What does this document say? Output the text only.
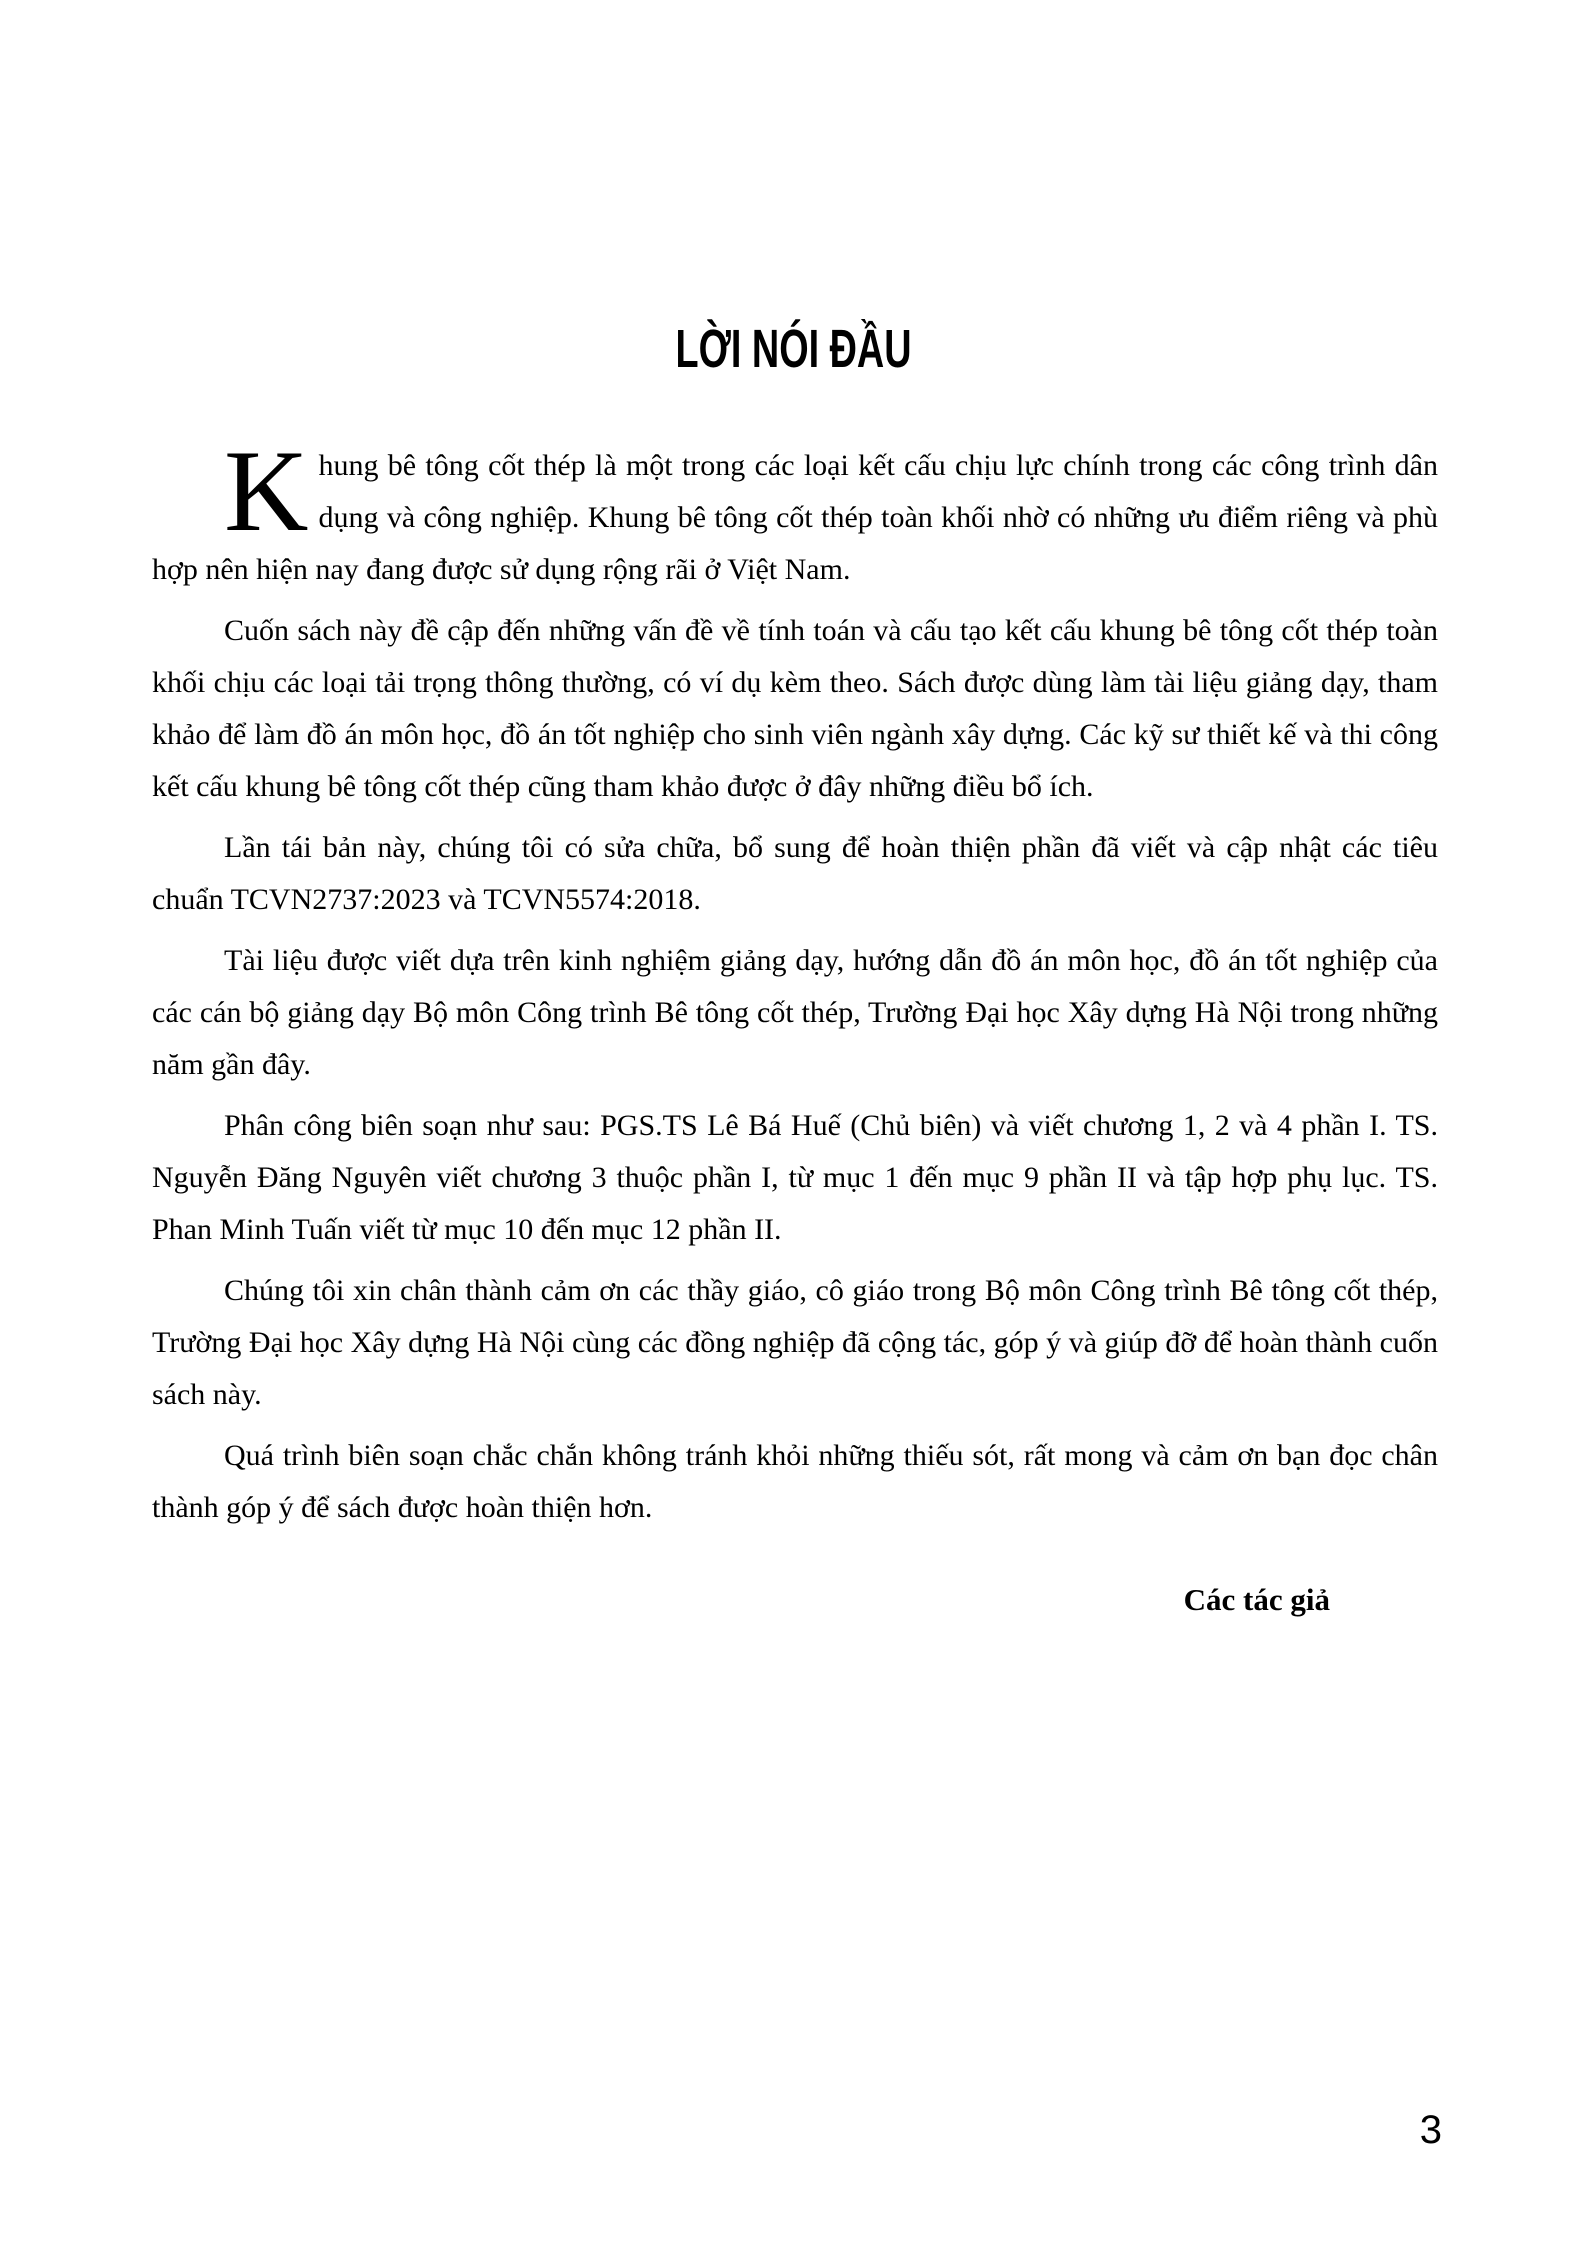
LỜI NÓI ĐẦU

Khung bê tông cốt thép là một trong các loại kết cấu chịu lực chính trong các công trình dân dụng và công nghiệp. Khung bê tông cốt thép toàn khối nhờ có những ưu điểm riêng và phù hợp nên hiện nay đang được sử dụng rộng rãi ở Việt Nam.

Cuốn sách này đề cập đến những vấn đề về tính toán và cấu tạo kết cấu khung bê tông cốt thép toàn khối chịu các loại tải trọng thông thường, có ví dụ kèm theo. Sách được dùng làm tài liệu giảng dạy, tham khảo để làm đồ án môn học, đồ án tốt nghiệp cho sinh viên ngành xây dựng. Các kỹ sư thiết kế và thi công kết cấu khung bê tông cốt thép cũng tham khảo được ở đây những điều bổ ích.

Lần tái bản này, chúng tôi có sửa chữa, bổ sung để hoàn thiện phần đã viết và cập nhật các tiêu chuẩn TCVN2737:2023 và TCVN5574:2018.

Tài liệu được viết dựa trên kinh nghiệm giảng dạy, hướng dẫn đồ án môn học, đồ án tốt nghiệp của các cán bộ giảng dạy Bộ môn Công trình Bê tông cốt thép, Trường Đại học Xây dựng Hà Nội trong những năm gần đây.

Phân công biên soạn như sau: PGS.TS Lê Bá Huế (Chủ biên) và viết chương 1, 2 và 4 phần I. TS. Nguyễn Đăng Nguyên viết chương 3 thuộc phần I, từ mục 1 đến mục 9 phần II và tập hợp phụ lục. TS. Phan Minh Tuấn viết từ mục 10 đến mục 12 phần II.

Chúng tôi xin chân thành cảm ơn các thầy giáo, cô giáo trong Bộ môn Công trình Bê tông cốt thép, Trường Đại học Xây dựng Hà Nội cùng các đồng nghiệp đã cộng tác, góp ý và giúp đỡ để hoàn thành cuốn sách này.

Quá trình biên soạn chắc chắn không tránh khỏi những thiếu sót, rất mong và cảm ơn bạn đọc chân thành góp ý để sách được hoàn thiện hơn.

Các tác giả
3
